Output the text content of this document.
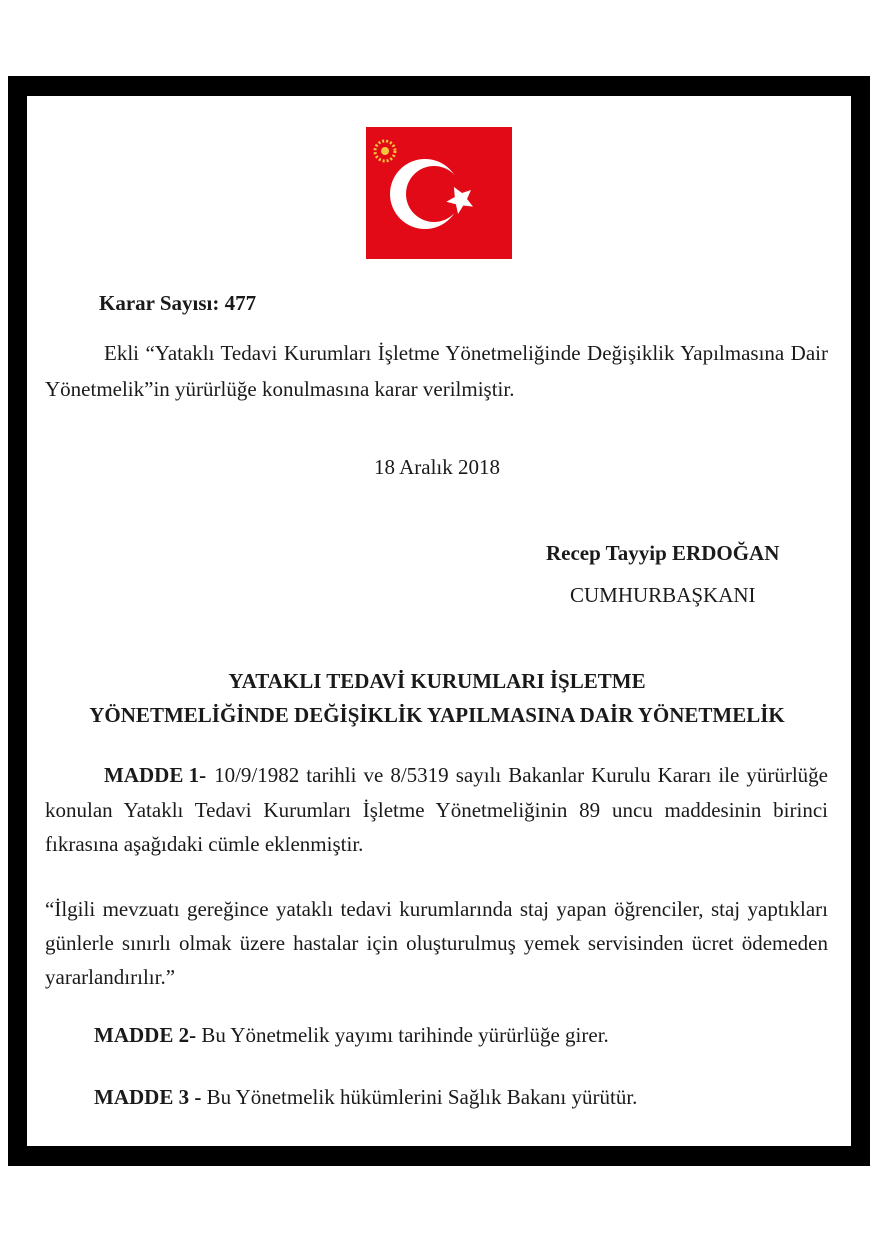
Karar Sayısı: 477
Ekli “Yataklı Tedavi Kurumları İşletme Yönetmeliğinde Değişiklik Yapılmasına Dair
Yönetmelik”in yürürlüğe konulmasına karar verilmiştir.
18 Aralık 2018
Recep Tayyip ERDOĞAN
CUMHURBAŞKANI
YATAKLI TEDAVİ KURUMLARI İŞLETME
YÖNETMELİĞİNDE DEĞİŞİKLİK YAPILMASINA DAİR YÖNETMELİK
MADDE 1- 10/9/1982 tarihli ve 8/5319 sayılı Bakanlar Kurulu Kararı ile yürürlüğe
konulan Yataklı Tedavi Kurumları İşletme Yönetmeliğinin 89 uncu maddesinin birinci
fıkrasına aşağıdaki cümle eklenmiştir.
“İlgili mevzuatı gereğince yataklı tedavi kurumlarında staj yapan öğrenciler, staj yaptıkları
günlerle sınırlı olmak üzere hastalar için oluşturulmuş yemek servisinden ücret ödemeden
yararlandırılır.”
MADDE 2- Bu Yönetmelik yayımı tarihinde yürürlüğe girer.
MADDE 3 - Bu Yönetmelik hükümlerini Sağlık Bakanı yürütür.
